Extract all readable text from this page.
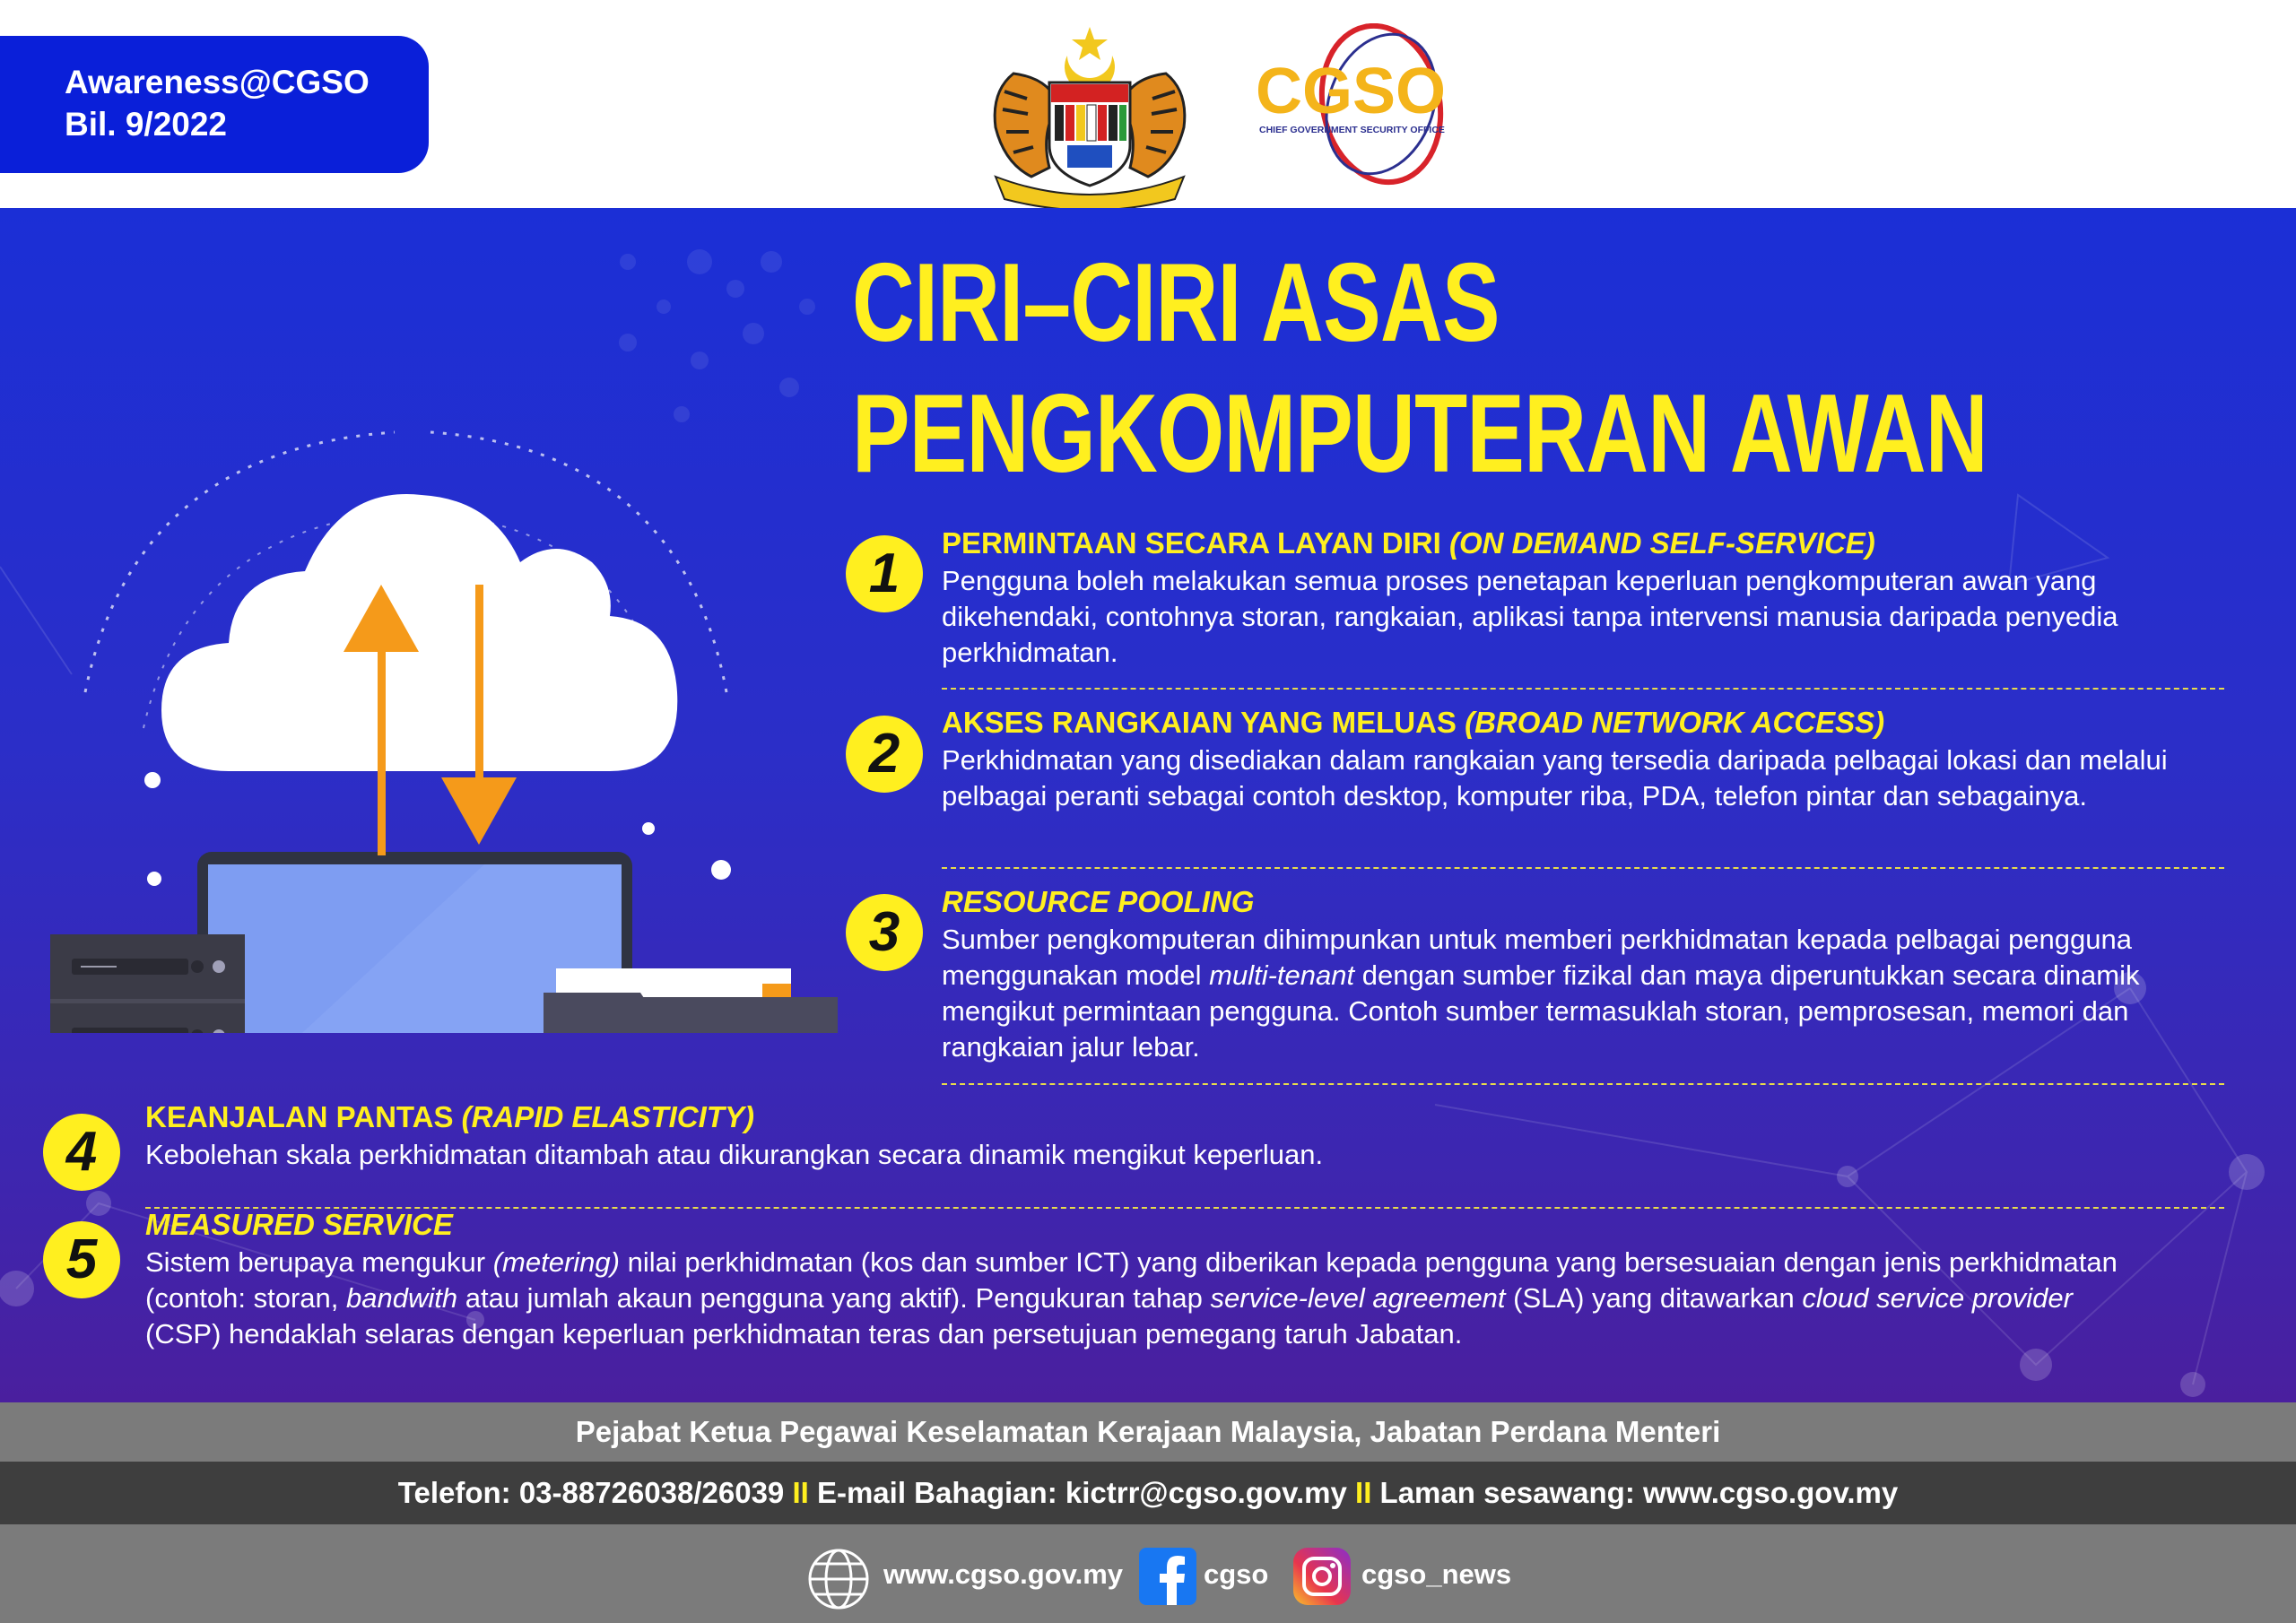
Awareness@CGSO
Bil. 9/2022	CGSO
CHIEF GOVERNMENT SECURITY OFFICE
CIRI–CIRI ASAS
PENGKOMPUTERAN AWAN
1	PERMINTAAN SECARA LAYAN DIRI (ON DEMAND SELF-SERVICE)
Pengguna boleh melakukan semua proses penetapan keperluan pengkomputeran awan yang dikehendaki, contohnya storan, rangkaian, aplikasi tanpa intervensi manusia daripada penyedia perkhidmatan.
2
AKSES RANGKAIAN YANG MELUAS (BROAD NETWORK ACCESS)
Perkhidmatan yang disediakan dalam rangkaian yang tersedia daripada pelbagai lokasi dan melalui pelbagai peranti sebagai contoh desktop, komputer riba, PDA, telefon pintar dan sebagainya.
3	RESOURCE POOLING
Sumber pengkomputeran dihimpunkan untuk memberi perkhidmatan kepada pelbagai pengguna menggunakan model multi-tenant dengan sumber fizikal dan maya diperuntukkan secara dinamik mengikut permintaan pengguna. Contoh sumber termasuklah storan, pemprosesan, memori dan rangkaian jalur lebar.
4
KEANJALAN PANTAS (RAPID ELASTICITY)
Kebolehan skala perkhidmatan ditambah atau dikurangkan secara dinamik mengikut keperluan.
5
MEASURED SERVICE
Sistem berupaya mengukur (metering) nilai perkhidmatan (kos dan sumber ICT) yang diberikan kepada pengguna yang bersesuaian dengan jenis perkhidmatan (contoh: storan, bandwith atau jumlah akaun pengguna yang aktif). Pengukuran tahap service-level agreement (SLA) yang ditawarkan cloud service provider (CSP) hendaklah selaras dengan keperluan perkhidmatan teras dan persetujuan pemegang taruh Jabatan.
Pejabat Ketua Pegawai Keselamatan Kerajaan Malaysia, Jabatan Perdana Menteri
Telefon: 03-88726038/26039 II E-mail Bahagian: kictrr@cgso.gov.my II Laman sesawang: www.cgso.gov.my
www.cgso.gov.my	cgso	cgso_news
